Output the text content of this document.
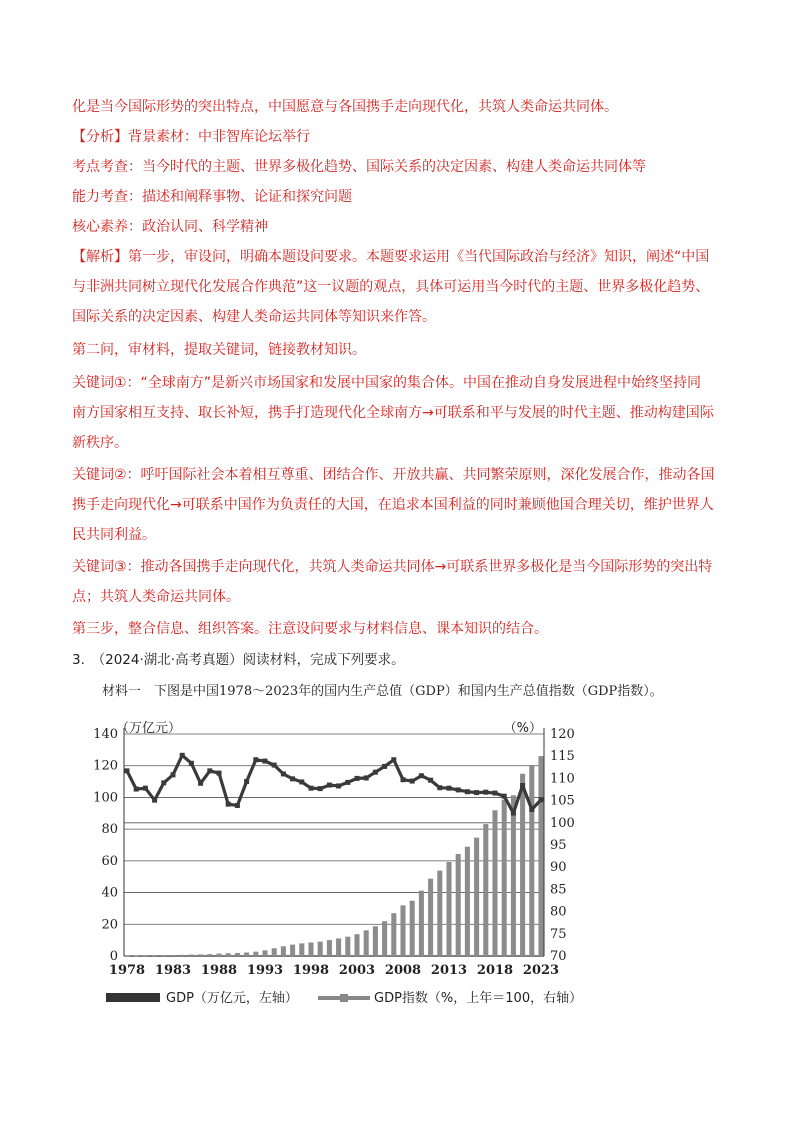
化是当今国际形势的突出特点，中国愿意与各国携手走向现代化，共筑人类命运共同体。
【分析】背景素材：中非智库论坛举行
考点考查：当今时代的主题、世界多极化趋势、国际关系的决定因素、构建人类命运共同体等
能力考查：描述和阐释事物、论证和探究问题
核心素养：政治认同、科学精神
【解析】第一步，审设问，明确本题设问要求。本题要求运用《当代国际政治与经济》知识，阐述“中国
与非洲共同树立现代化发展合作典范”这一议题的观点，具体可运用当今时代的主题、世界多极化趋势、
国际关系的决定因素、构建人类命运共同体等知识来作答。
第二问，审材料，提取关键词，链接教材知识。
关键词①：“全球南方”是新兴市场国家和发展中国家的集合体。中国在推动自身发展进程中始终坚持同
南方国家相互支持、取长补短，携手打造现代化全球南方→可联系和平与发展的时代主题、推动构建国际
新秩序。
关键词②：呼吁国际社会本着相互尊重、团结合作、开放共赢、共同繁荣原则，深化发展合作，推动各国
携手走向现代化→可联系中国作为负责任的大国，在追求本国利益的同时兼顾他国合理关切，维护世界人
民共同利益。
关键词③：推动各国携手走向现代化，共筑人类命运共同体→可联系世界多极化是当今国际形势的突出特
点；共筑人类命运共同体。
第三步，整合信息、组织答案。注意设问要求与材料信息、课本知识的结合。
3.　（2024·湖北·高考真题）阅读材料，完成下列要求。
材料一　下图是中国1978～2023年的国内生产总值（GDP）和国内生产总值指数（GDP指数）。
0
20
40
60
80
100
120
140
70
75
80
85
90
95
100
105
110
115
120
（万亿元）	（%）
1978 1983 1988 1993 1998 2003 2008 2013 2018 2023
GDP（万亿元，左轴）	GDP指数（%，上年＝100，右轴）
